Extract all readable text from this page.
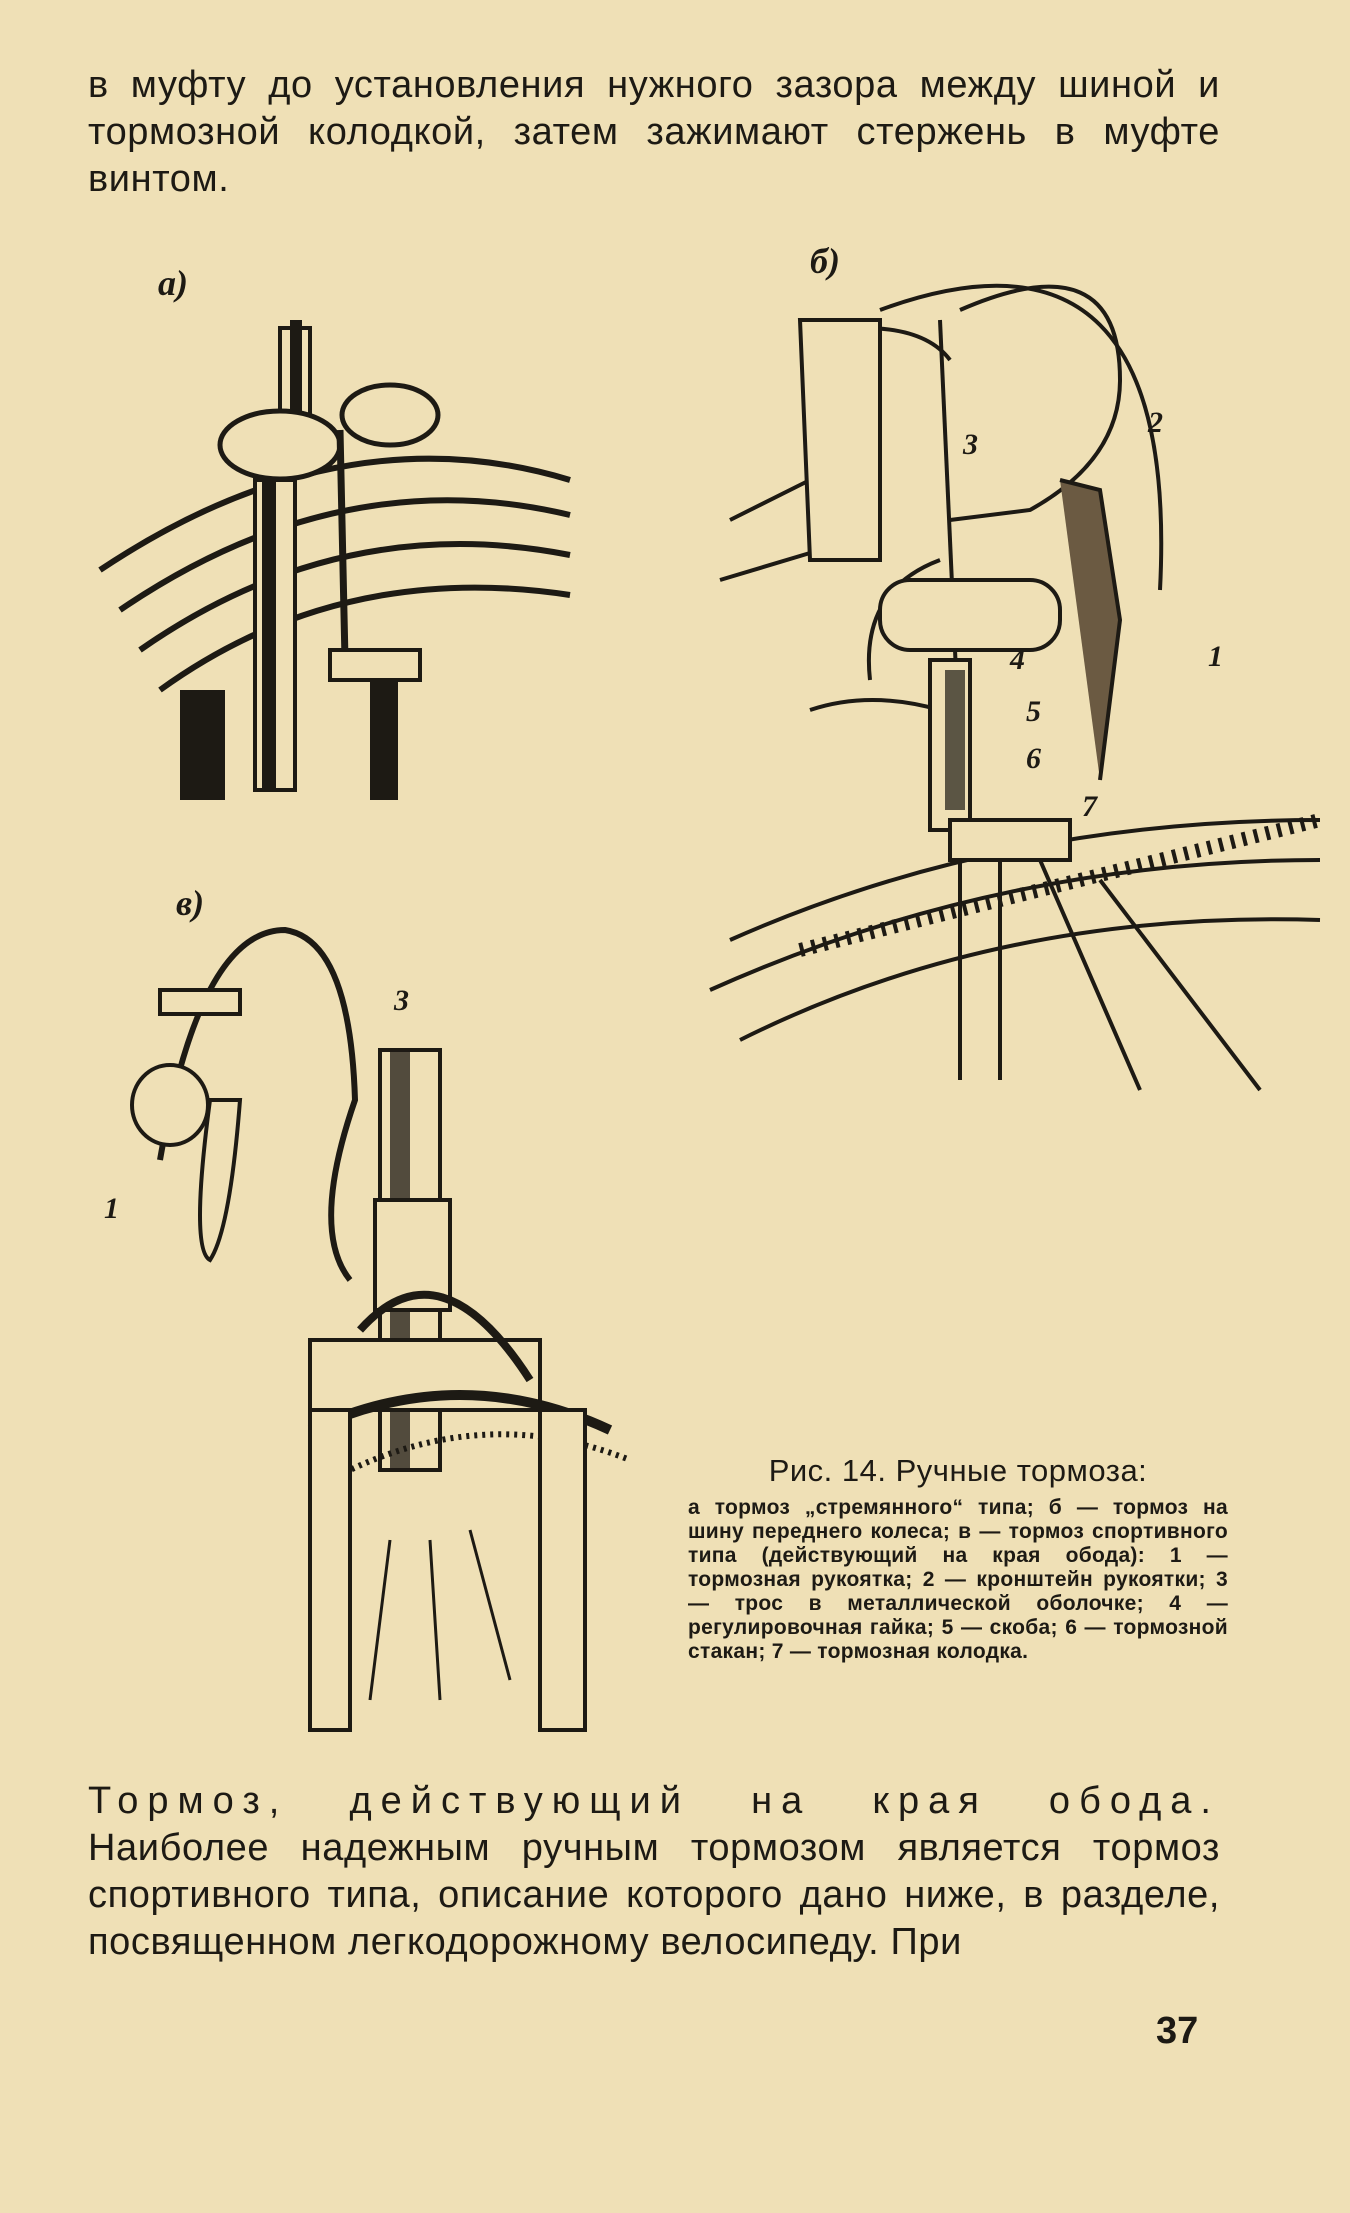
в муфту до установления нужного зазора между шиной и тормозной колодкой, затем зажимают стержень в муфте винтом.

а)
б)
3
2
1
4
5
6
7
в)
3
1
Рис. 14. Ручные тормоза:
а тормоз „стремянного“ типа; б — тормоз на шину переднего колеса; в — тормоз спортивного типа (действующий на края обода): 1 — тормозная рукоятка; 2 — кронштейн рукоятки; 3 — трос в металлической оболочке; 4 — регулировочная гайка; 5 — скоба; 6 — тормозной стакан; 7 — тормозная колодка.

Тормоз, действующий на края обода. Наиболее надежным ручным тормозом является тормоз спортивного типа, описание которого дано ниже, в разделе, посвященном легкодорожному велосипеду. При

37
